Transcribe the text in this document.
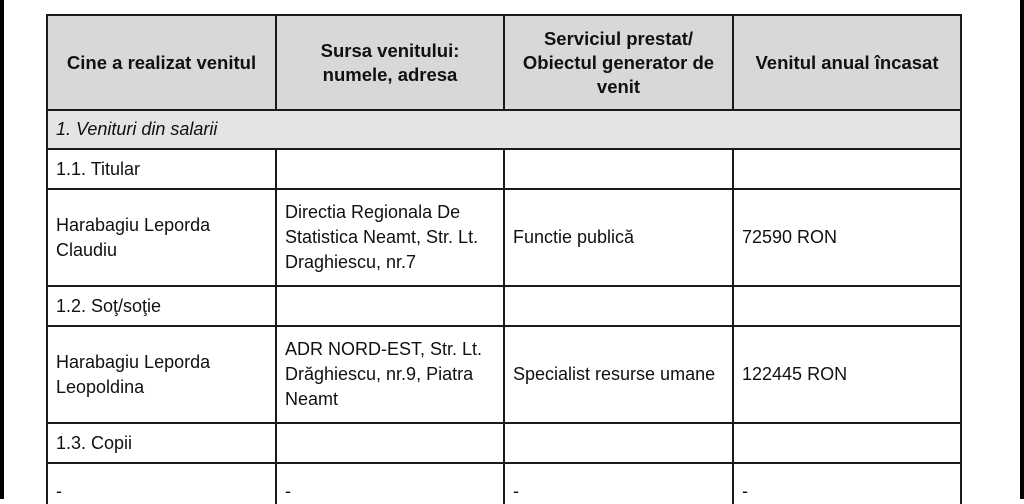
Cine a realizat venitul	Sursa venitului: numele, adresa	Serviciul prestat/ Obiectul generator de venit	Venitul anual încasat
1. Venituri din salarii			
1.1. Titular			
Harabagiu Leporda Claudiu	Directia Regionala De Statistica Neamt, Str. Lt. Draghiescu, nr.7	Functie publică	72590 RON
1.2. Soţ/soţie			
Harabagiu Leporda Leopoldina	ADR NORD-EST, Str. Lt. Drăghiescu, nr.9, Piatra Neamt	Specialist resurse umane	122445 RON
1.3. Copii			
-	-	-	-
